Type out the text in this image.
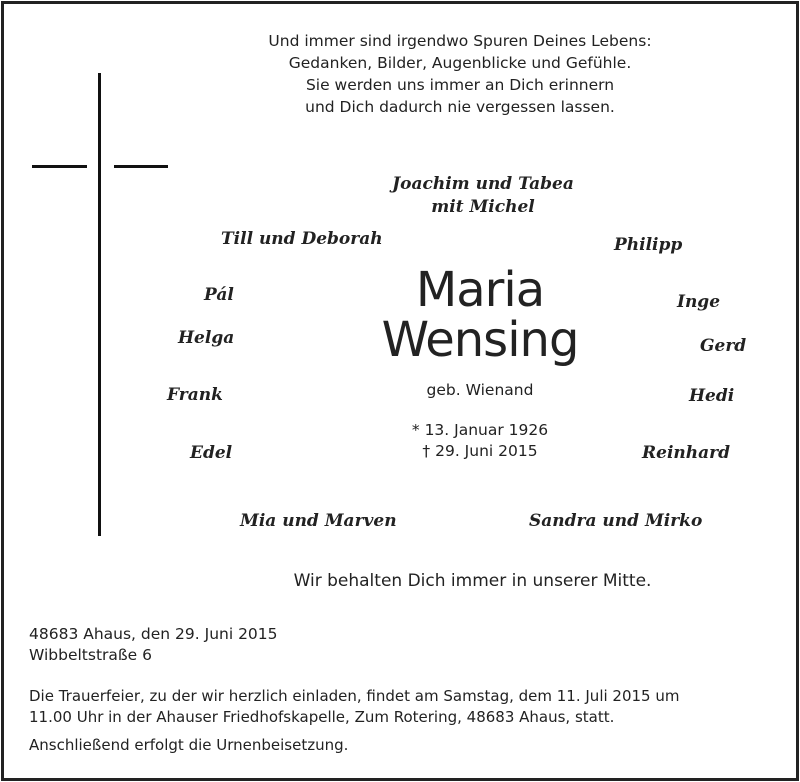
Und immer sind irgendwo Spuren Deines Lebens:
Gedanken, Bilder, Augenblicke und Gefühle.
Sie werden uns immer an Dich erinnern
und Dich dadurch nie vergessen lassen.
Joachim und Tabea
mit Michel
Till und Deborah	Philipp
Pál	Inge
Helga	Gerd
Frank	Hedi
Edel	Reinhard
Mia und Marven	Sandra und Mirko
Maria
Wensing
geb. Wienand
* 13. Januar 1926
† 29. Juni 2015
Wir behalten Dich immer in unserer Mitte.
48683 Ahaus, den 29. Juni 2015
Wibbeltstraße 6
Die Trauerfeier, zu der wir herzlich einladen, findet am Samstag, dem 11. Juli 2015 um
11.00 Uhr in der Ahauser Friedhofskapelle, Zum Rotering, 48683 Ahaus, statt.
Anschließend erfolgt die Urnenbeisetzung.
